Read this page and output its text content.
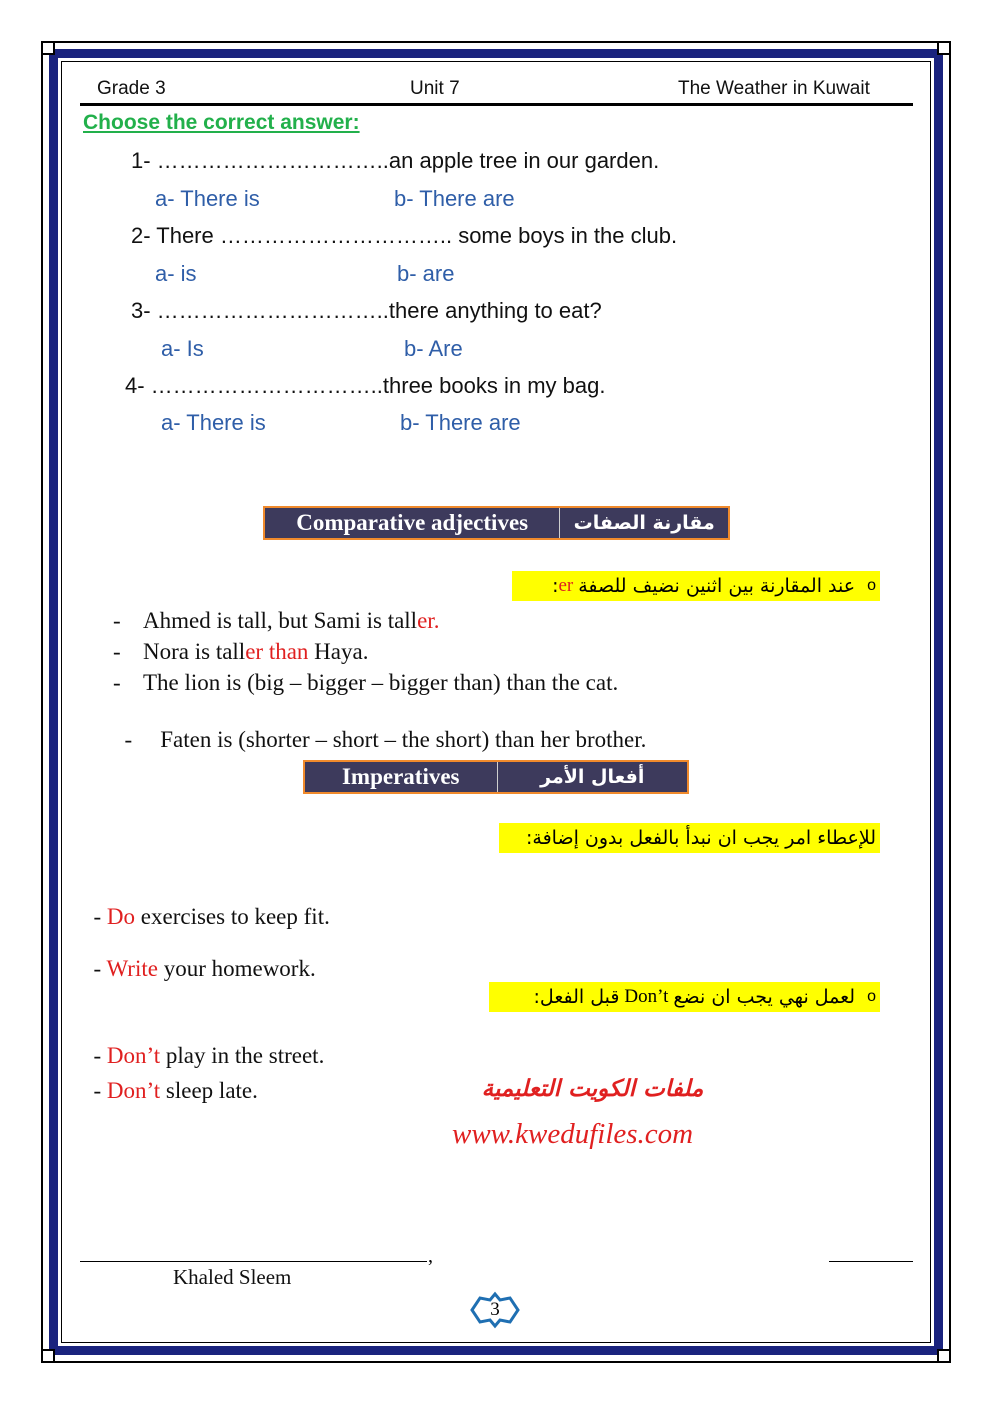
Grade 3	Unit 7	The Weather in Kuwait
Choose the correct answer:
1- …………………………..an apple tree in our garden.
a- There is	b- There are
2- There ………………………….. some boys in the club.
a- is	b- are
3- …………………………..there anything to eat?
a- Is	b- Are
4- …………………………..three books in my bag.
a- There is	b- There are
Comparative adjectives	مقارنة الصفات
o
عند المقارنة بين اثنين نضيف للصفة
er
:
- Ahmed is tall, but Sami is taller.
- Nora is taller than Haya.
- The lion is (big – bigger – bigger than) than the cat.

- Faten is (shorter – short – the short) than her brother.

Imperatives	أفعال الأمر
للإعطاء امر يجب ان نبدأ بالفعل بدون إضافة:

- Do exercises to keep fit.

- Write your homework.

o
لعمل نهي يجب ان نضع
Don’t
قبل الفعل:

- Don’t play in the street.

- Don’t sleep late.	ملفات الكويت التعليمية
www.kwedufiles.com
,
Khaled Sleem
3
